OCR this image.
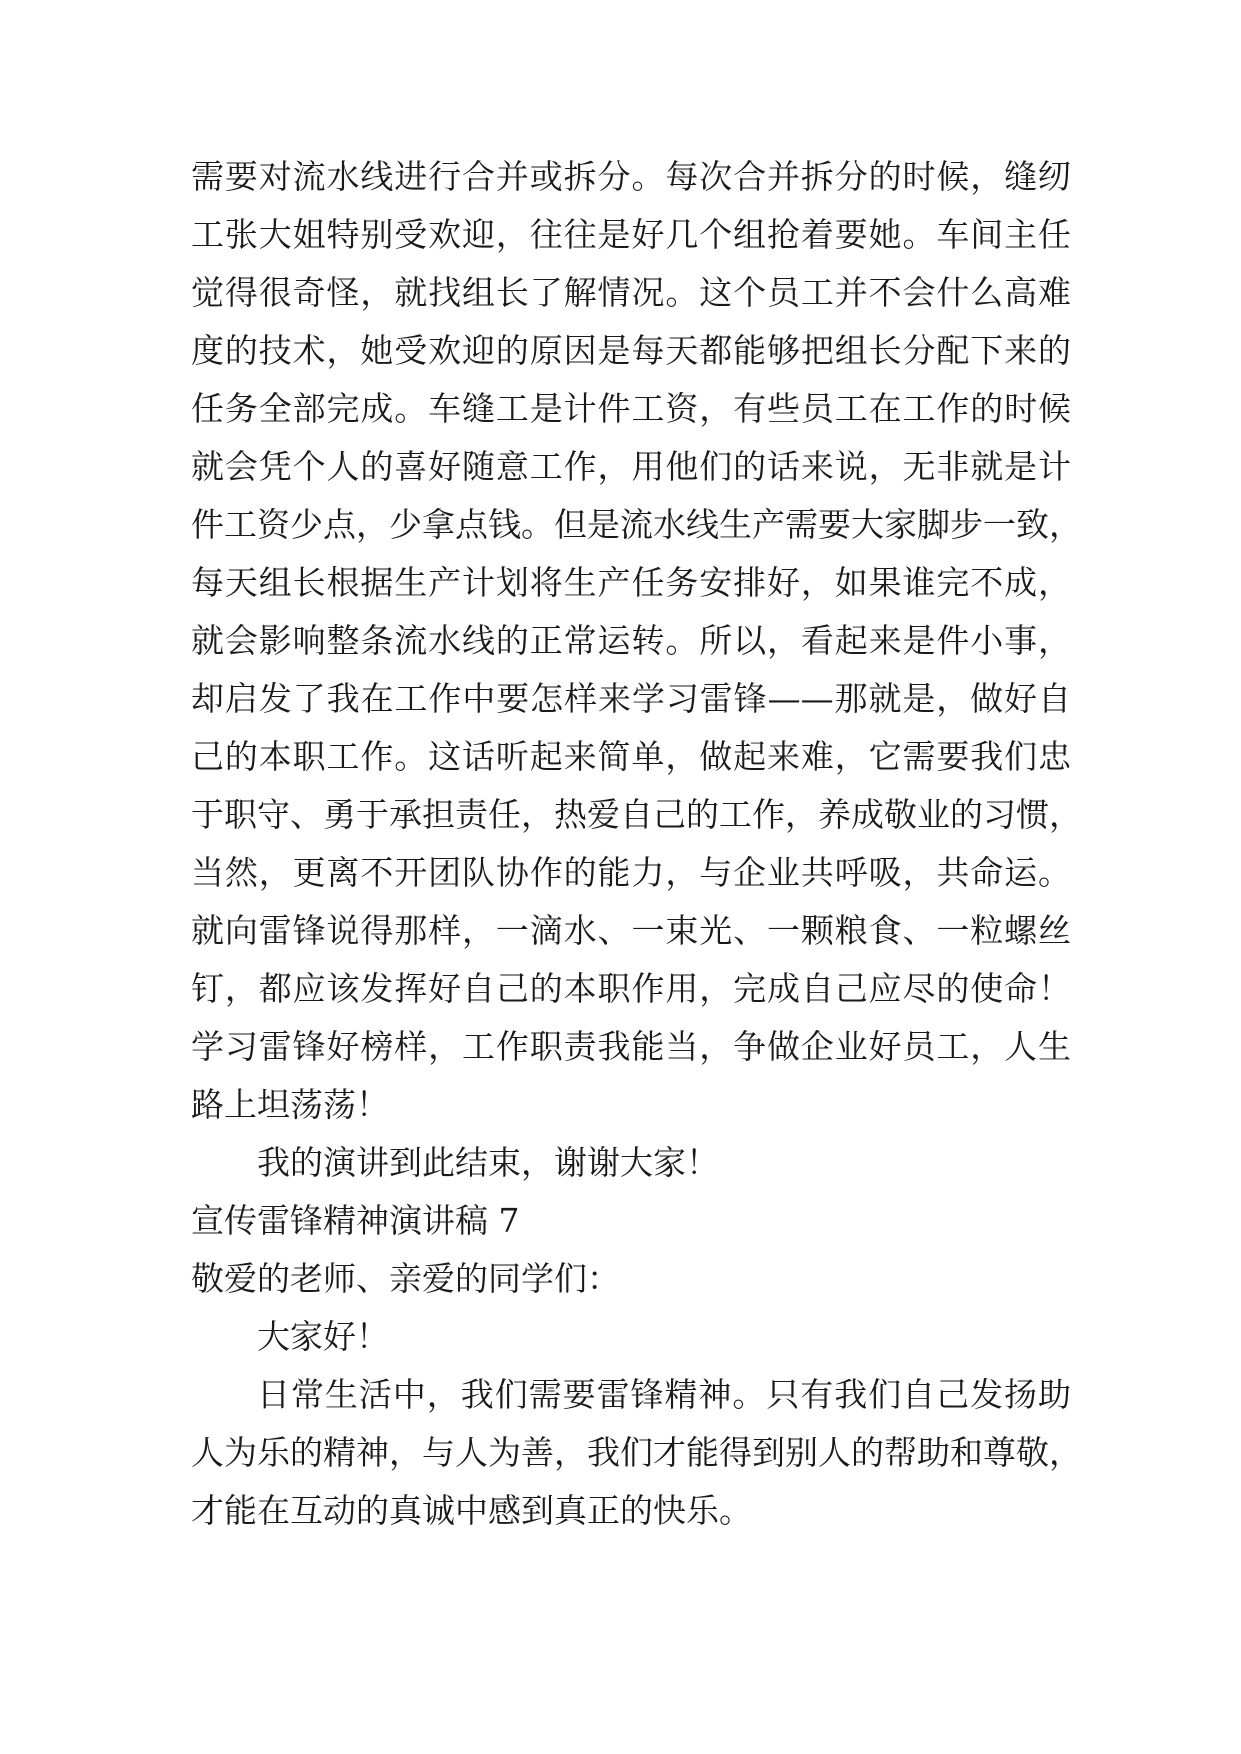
需要对流水线进行合并或拆分。每次合并拆分的时候，缝纫
工张大姐特别受欢迎，往往是好几个组抢着要她。车间主任
觉得很奇怪，就找组长了解情况。这个员工并不会什么高难
度的技术，她受欢迎的原因是每天都能够把组长分配下来的
任务全部完成。车缝工是计件工资，有些员工在工作的时候
就会凭个人的喜好随意工作，用他们的话来说，无非就是计
件工资少点，少拿点钱。但是流水线生产需要大家脚步一致，
每天组长根据生产计划将生产任务安排好，如果谁完不成，
就会影响整条流水线的正常运转。所以，看起来是件小事，
却启发了我在工作中要怎样来学习雷锋——那就是，做好自
己的本职工作。这话听起来简单，做起来难，它需要我们忠
于职守、勇于承担责任，热爱自己的工作，养成敬业的习惯，
当然，更离不开团队协作的能力，与企业共呼吸，共命运。
就向雷锋说得那样，一滴水、一束光、一颗粮食、一粒螺丝
钉，都应该发挥好自己的本职作用，完成自己应尽的使命！
学习雷锋好榜样，工作职责我能当，争做企业好员工，人生
路上坦荡荡！
我的演讲到此结束，谢谢大家！
宣传雷锋精神演讲稿 7
敬爱的老师、亲爱的同学们：
大家好！
日常生活中，我们需要雷锋精神。只有我们自己发扬助
人为乐的精神，与人为善，我们才能得到别人的帮助和尊敬，
才能在互动的真诚中感到真正的快乐。
